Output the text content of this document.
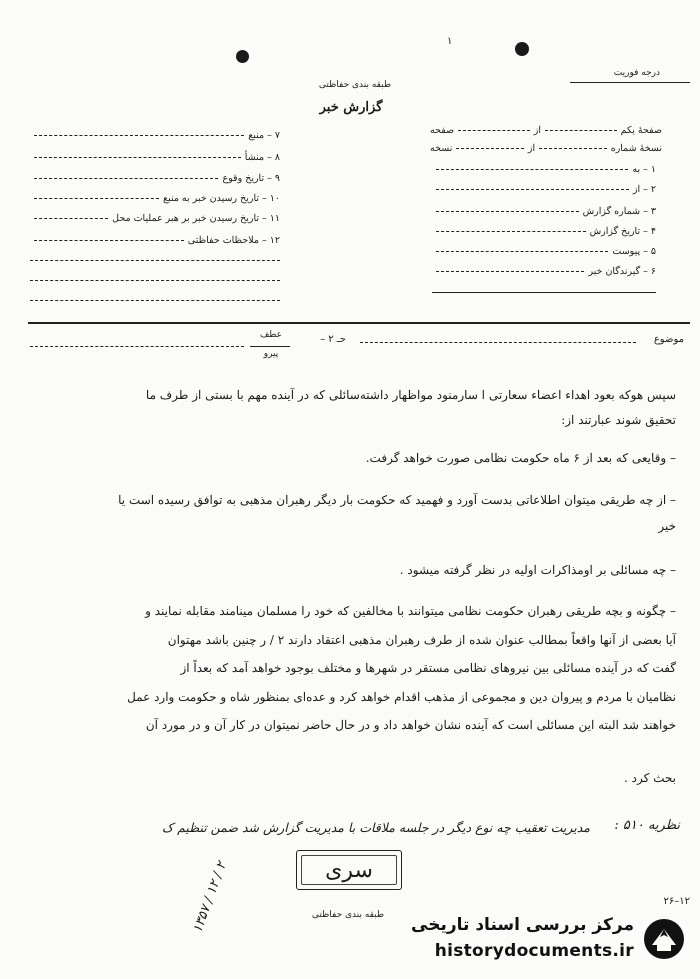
۱
طبقه بندی حفاظتی
گزارش خبر
درجه فوریت
صفحهٔ یکم
از
صفحه
نسخهٔ شماره
از
نسخه
۱ – به
۲ – از
۳ – شماره گزارش
۴ – تاریخ گزارش
۵ – پیوست
۶ – گیرندگان خبر
۷ – منبع
۸ – منشأ
۹ – تاریخ وقوع
۱۰ – تاریخ رسیدن خبر به منبع
۱۱ – تاریخ رسیدن خبر بر هبر عملیات محل
۱۲ – ملاحظات حفاظتی
موضوع
حـ ۲ –
عطف
پیرو
سپس هوکه بعود اهداء اعضاء سعارتی ا سارمنود مواظهار داشته‌سائلی که در آینده مهم با بستی از طرف ما
تحقیق شوند عبارتند از:
– وقایعی که بعد از ۶ ماه حکومت نظامی صورت خواهد گرفت.
– از چه طریقی میتوان اطلاعاتی بدست آورد و فهمید که حکومت بار دیگر رهبران مذهبی به توافق رسیده است یا
خیر
– چه مسائلی بر اومذاکرات اولیه در نظر گرفته میشود .
– چگونه و بچه طریقی رهبران حکومت نظامی میتوانند با مخالفین که خود را مسلمان مینامند مقابله نمایند و
آیا بعضی از آنها واقعاً بمطالب عنوان شده از طرف رهبران مذهبی اعتقاد دارند ۲ / ر چنین باشد مهتوان
گفت که در آینده مسائلی بین نیروهای نظامی مستقر در شهرها و مختلف بوجود خواهد آمد که بعداً از
نظامیان با مردم و پیروان دین و مجموعی از مذهب اقدام خواهد کرد و عده‌ای بمنظور شاه و حکومت وارد عمل
خواهند شد البته این مسائلی است که آینده نشان خواهد داد و در حال حاضر نمیتوان در کار آن و در مورد آن
بحث کرد .
نظریه ۵۱۰ :
مدیریت تعقیب چه نوع دیگر در جلسه ملاقات با مدیریت گزارش شد ضمن تنظیم ک
سری
طبقه بندی حفاظتی
۲ / ۱۲ / ۱۳۵۷
۲۶–۱۲
مرکز بررسی اسناد تاریخی
historydocuments.ir
